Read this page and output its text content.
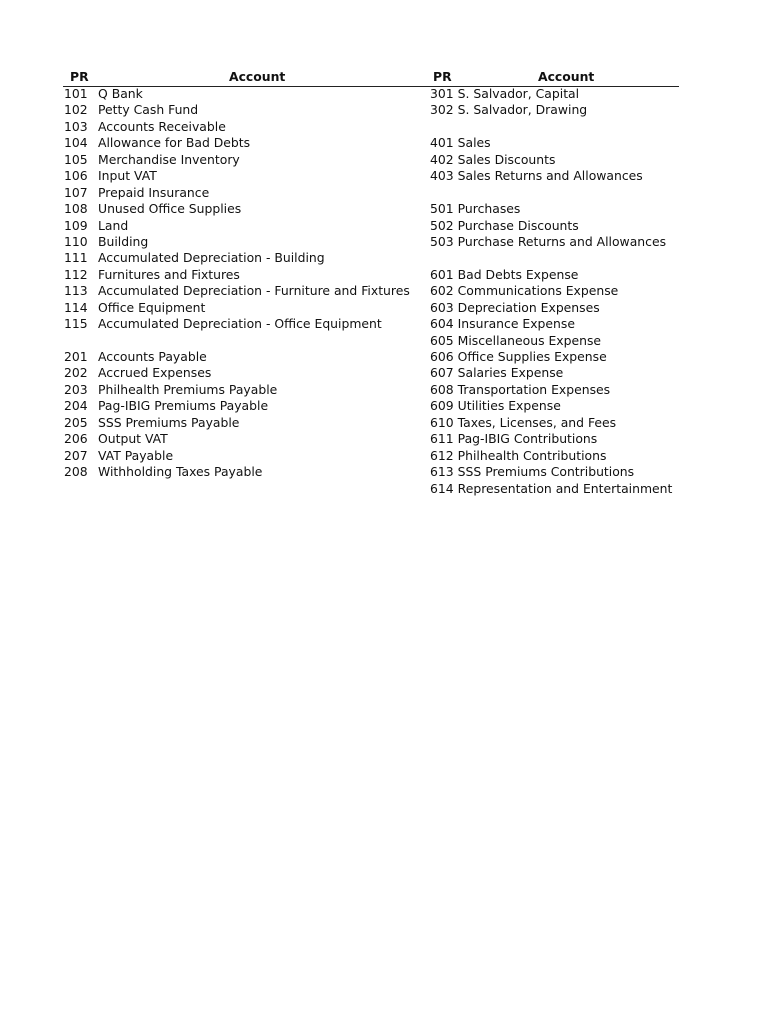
PR	Account	PR	Account
101 Q Bank
102 Petty Cash Fund
103 Accounts Receivable
104 Allowance for Bad Debts
105 Merchandise Inventory
106 Input VAT
107 Prepaid Insurance
108 Unused Office Supplies
109 Land
110 Building
111 Accumulated Depreciation - Building
112 Furnitures and Fixtures
113 Accumulated Depreciation - Furniture and Fixtures
114 Office Equipment
115 Accumulated Depreciation - Office Equipment
201 Accounts Payable
202 Accrued Expenses
203 Philhealth Premiums Payable
204 Pag-IBIG Premiums Payable
205 SSS Premiums Payable
206 Output VAT
207 VAT Payable
208 Withholding Taxes Payable
301 S. Salvador, Capital
302 S. Salvador, Drawing
401 Sales
402 Sales Discounts
403 Sales Returns and Allowances
501 Purchases
502 Purchase Discounts
503 Purchase Returns and Allowances
601 Bad Debts Expense
602 Communications Expense
603 Depreciation Expenses
604 Insurance Expense
605 Miscellaneous Expense
606 Office Supplies Expense
607 Salaries Expense
608 Transportation Expenses
609 Utilities Expense
610 Taxes, Licenses, and Fees
611 Pag-IBIG Contributions
612 Philhealth Contributions
613 SSS Premiums Contributions
614 Representation and Entertainment
